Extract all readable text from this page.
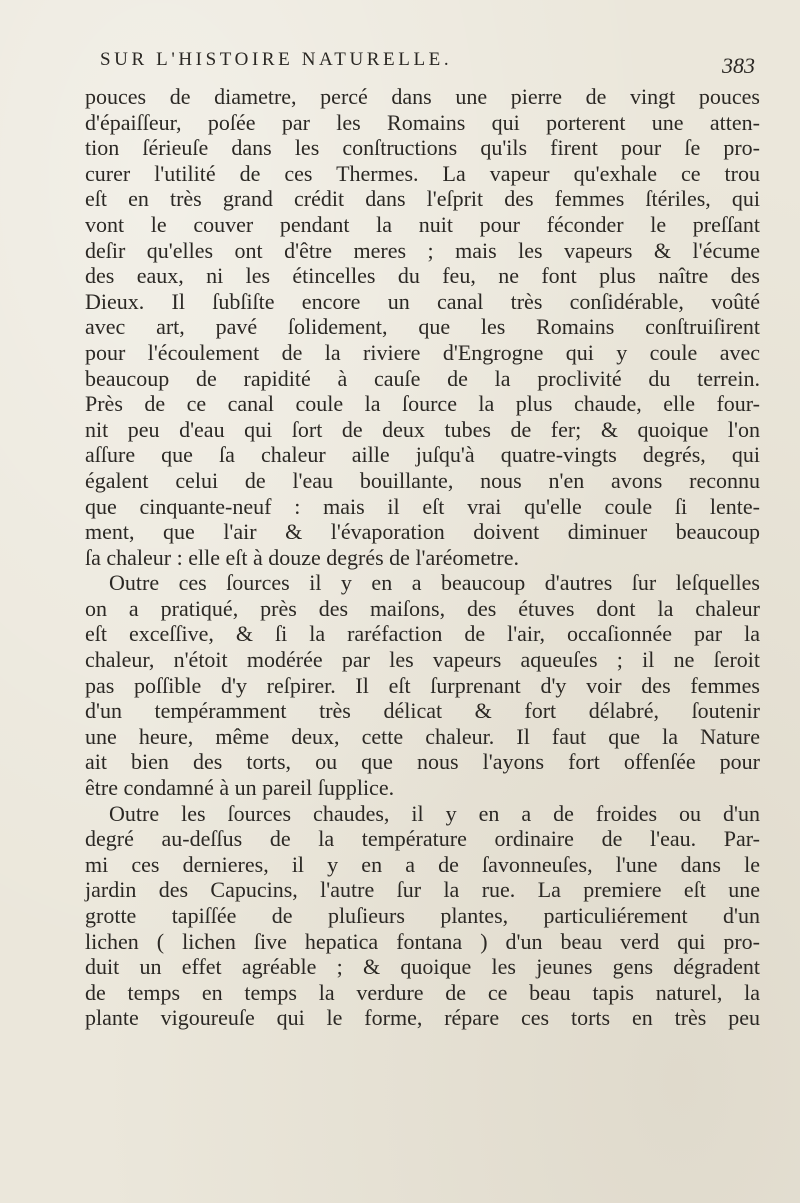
SUR L'HISTOIRE NATURELLE.	383
pouces de diametre, percé dans une pierre de vingt pouces
d'épaiſſeur, poſée par les Romains qui porterent une atten-
tion ſérieuſe dans les conſtructions qu'ils firent pour ſe pro-
curer l'utilité de ces Thermes. La vapeur qu'exhale ce trou
eſt en très grand crédit dans l'eſprit des femmes ſtériles, qui
vont le couver pendant la nuit pour féconder le preſſant
deſir qu'elles ont d'être meres ; mais les vapeurs & l'écume
des eaux, ni les étincelles du feu, ne font plus naître des
Dieux. Il ſubſiſte encore un canal très conſidérable, voûté
avec art, pavé ſolidement, que les Romains conſtruiſirent
pour l'écoulement de la riviere d'Engrogne qui y coule avec
beaucoup de rapidité à cauſe de la proclivité du terrein.
Près de ce canal coule la ſource la plus chaude, elle four-
nit peu d'eau qui ſort de deux tubes de fer; & quoique l'on
aſſure que ſa chaleur aille juſqu'à quatre-vingts degrés, qui
égalent celui de l'eau bouillante, nous n'en avons reconnu
que cinquante-neuf : mais il eſt vrai qu'elle coule ſi lente-
ment, que l'air & l'évaporation doivent diminuer beaucoup
ſa chaleur : elle eſt à douze degrés de l'aréometre.
Outre ces ſources il y en a beaucoup d'autres ſur leſquelles
on a pratiqué, près des maiſons, des étuves dont la chaleur
eſt exceſſive, & ſi la raréfaction de l'air, occaſionnée par la
chaleur, n'étoit modérée par les vapeurs aqueuſes ; il ne ſeroit
pas poſſible d'y reſpirer. Il eſt ſurprenant d'y voir des femmes
d'un tempéramment très délicat & fort délabré, ſoutenir
une heure, même deux, cette chaleur. Il faut que la Nature
ait bien des torts, ou que nous l'ayons fort offenſée pour
être condamné à un pareil ſupplice.
Outre les ſources chaudes, il y en a de froides ou d'un
degré au-deſſus de la température ordinaire de l'eau. Par-
mi ces dernieres, il y en a de ſavonneuſes, l'une dans le
jardin des Capucins, l'autre ſur la rue. La premiere eſt une
grotte tapiſſée de pluſieurs plantes, particuliérement d'un
lichen ( lichen ſive hepatica fontana ) d'un beau verd qui pro-
duit un effet agréable ; & quoique les jeunes gens dégradent
de temps en temps la verdure de ce beau tapis naturel, la
plante vigoureuſe qui le forme, répare ces torts en très peu
